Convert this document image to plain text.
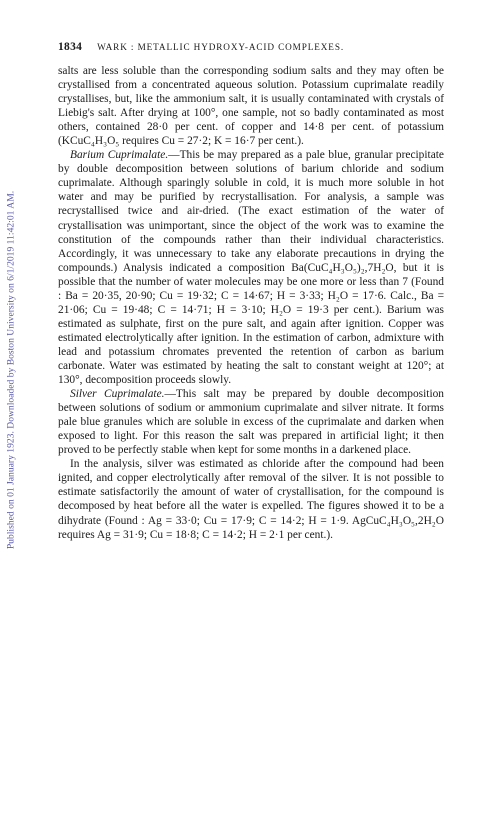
Published on 01 January 1923. Downloaded by Boston University on 6/1/2019 11:42:01 AM.
1834 WARK : METALLIC HYDROXY-ACID COMPLEXES.

salts are less soluble than the corresponding sodium salts and they may often be crystallised from a concentrated aqueous solution. Potassium cuprimalate readily crystallises, but, like the ammonium salt, it is usually contaminated with crystals of Liebig's salt. After drying at 100°, one sample, not so badly contaminated as most others, contained 28·0 per cent. of copper and 14·8 per cent. of potassium (KCuC₄H₃O₅ requires Cu = 27·2; K = 16·7 per cent.).

Barium Cuprimalate.—This be may prepared as a pale blue, granular precipitate by double decomposition between solutions of barium chloride and sodium cuprimalate. Although sparingly soluble in cold, it is much more soluble in hot water and may be purified by recrystallisation. For analysis, a sample was recrystallised twice and air-dried. (The exact estimation of the water of crystallisation was unimportant, since the object of the work was to examine the constitution of the compounds rather than their individual characteristics. Accordingly, it was unnecessary to take any elaborate precautions in drying the compounds.) Analysis indicated a composition Ba(CuC₄H₃O₅)₂,7H₂O, but it is possible that the number of water molecules may be one more or less than 7 (Found : Ba = 20·35, 20·90; Cu = 19·32; C = 14·67; H = 3·33; H₂O = 17·6. Calc., Ba = 21·06; Cu = 19·48; C = 14·71; H = 3·10; H₂O = 19·3 per cent.). Barium was estimated as sulphate, first on the pure salt, and again after ignition. Copper was estimated electrolytically after ignition. In the estimation of carbon, admixture with lead and potassium chromates prevented the retention of carbon as barium carbonate. Water was estimated by heating the salt to constant weight at 120°; at 130°, decomposition proceeds slowly.

Silver Cuprimalate.—This salt may be prepared by double decomposition between solutions of sodium or ammonium cuprimalate and silver nitrate. It forms pale blue granules which are soluble in excess of the cuprimalate and darken when exposed to light. For this reason the salt was prepared in artificial light; it then proved to be perfectly stable when kept for some months in a darkened place.

In the analysis, silver was estimated as chloride after the compound had been ignited, and copper electrolytically after removal of the silver. It is not possible to estimate satisfactorily the amount of water of crystallisation, for the compound is decomposed by heat before all the water is expelled. The figures showed it to be a dihydrate (Found : Ag = 33·0; Cu = 17·9; C = 14·2; H = 1·9. AgCuC₄H₃O₅,2H₂O requires Ag = 31·9; Cu = 18·8; C = 14·2; H = 2·1 per cent.).
